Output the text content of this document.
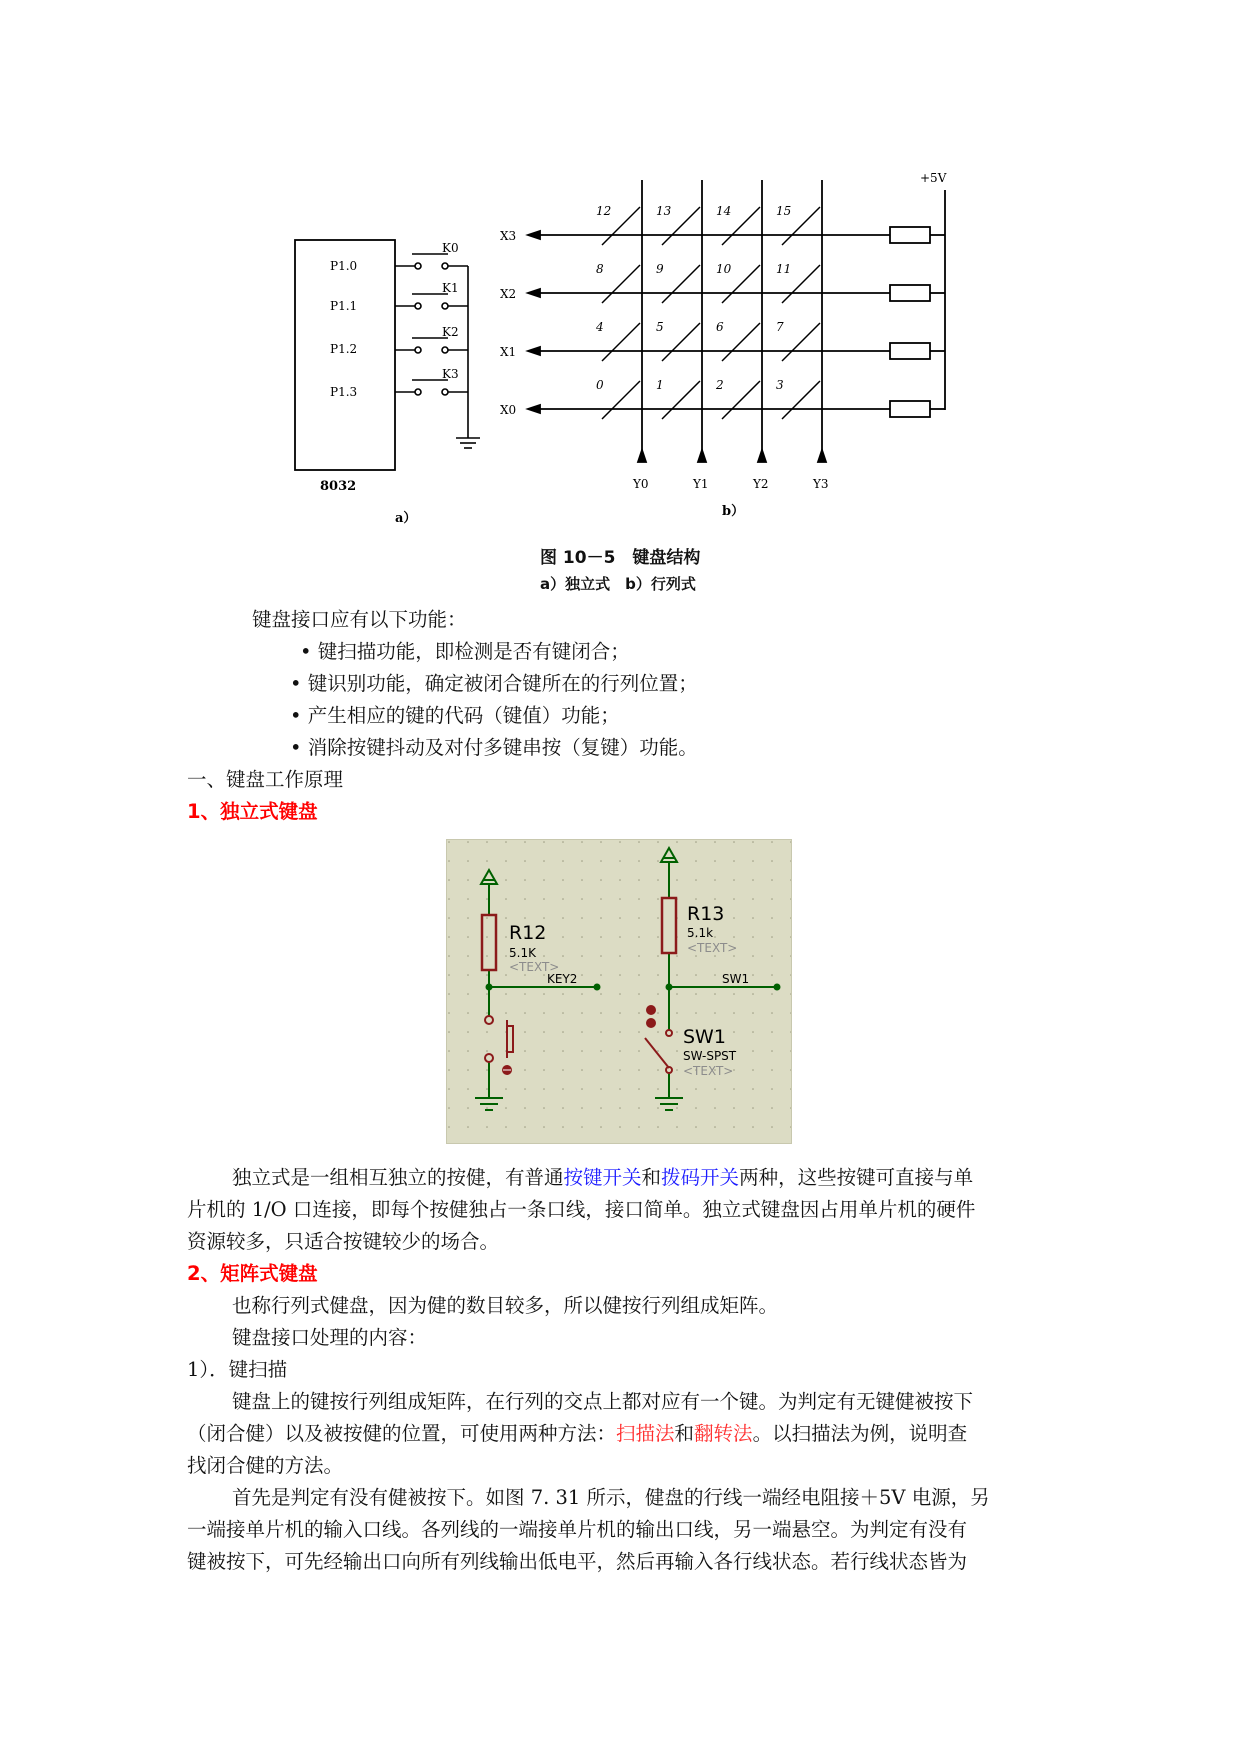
P1.0
P1.1
P1.2
P1.3
8032
K0
K1
K2
K3
a）
+5V
X3
X2
X1
X0
Y0	Y1	Y2	Y3
12	13	14	15
8	9	10	11
4	5	6	7
0	1	2	3
b）
图 10－5　键盘结构
a）独立式　b）行列式
键盘接口应有以下功能：
• 键扫描功能，即检测是否有键闭合；
• 键识别功能，确定被闭合键所在的行列位置；
• 产生相应的键的代码（键值）功能；
• 消除按键抖动及对付多键串按（复键）功能。
一、键盘工作原理
1、独立式键盘
R12
5.1K
<TEXT>
KEY2
R13
5.1k
<TEXT>
SW1
SW1
SW-SPST
<TEXT>
独立式是一组相互独立的按健，有普通按键开关和拨码开关两种，这些按键可直接与单
片机的 1/O 口连接，即每个按健独占一条口线，接口简单。独立式键盘因占用单片机的硬件
资源较多，只适合按键较少的场合。
2、矩阵式键盘
也称行列式健盘，因为健的数目较多，所以健按行列组成矩阵。
键盘接口处理的内容：
1）．键扫描
键盘上的键按行列组成矩阵，在行列的交点上都对应有一个键。为判定有无键健被按下
（闭合健）以及被按健的位置，可使用两种方法：扫描法和翻转法。以扫描法为例，说明查
找闭合健的方法。
首先是判定有没有健被按下。如图 7. 31 所示，健盘的行线一端经电阻接＋5V 电源，另
一端接单片机的输入口线。各列线的一端接单片机的输出口线，另一端悬空。为判定有没有
键被按下，可先经输出口向所有列线输出低电平，然后再输入各行线状态。若行线状态皆为
